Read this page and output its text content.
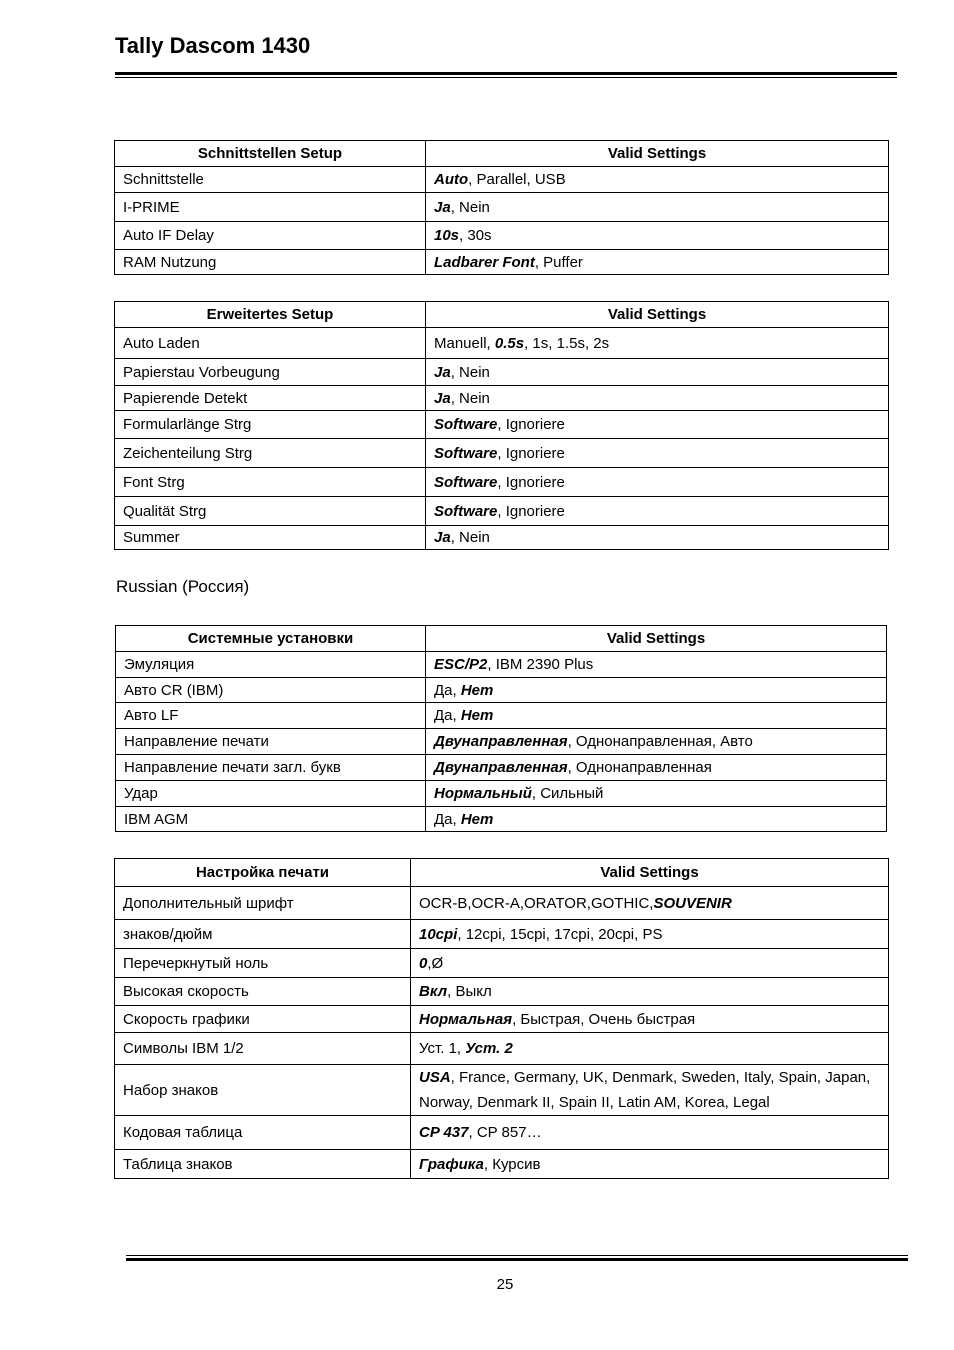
Tally Dascom 1430
Schnittstellen Setup	Valid Settings
Schnittstelle	Auto, Parallel, USB
I-PRIME	Ja, Nein
Auto IF Delay	10s, 30s
RAM Nutzung	Ladbarer Font, Puffer
Erweitertes Setup	Valid Settings
Auto Laden	Manuell, 0.5s, 1s, 1.5s, 2s
Papierstau Vorbeugung	Ja, Nein
Papierende Detekt	Ja, Nein
Formularlänge Strg	Software, Ignoriere
Zeichenteilung Strg	Software, Ignoriere
Font Strg	Software, Ignoriere
Qualität Strg	Software, Ignoriere
Summer	Ja, Nein
Russian (Россия)
Системные установки	Valid Settings
Эмуляция	ESC/P2, IBM 2390 Plus
Авто CR (IBM)	Да, Нет
Авто LF	Да, Нет
Направление печати	Двунаправленная, Однонаправленная, Авто
Направление печати загл. букв	Двунаправленная, Однонаправленная
Удар	Нормальный, Сильный
IBM AGM	Да, Нет
Настройка печати	Valid Settings
Дополнительный шрифт	OCR-B,OCR-A,ORATOR,GOTHIC,SOUVENIR
знаков/дюйм	10cpi, 12cpi, 15cpi, 17cpi, 20cpi, PS
Перечеркнутый ноль	0,Ø
Высокая скорость	Вкл, Выкл
Скорость графики	Нормальная, Быстрая, Очень быстрая
Символы IBM 1/2	Уст. 1, Уст. 2
Набор знаков	USA, France, Germany, UK, Denmark, Sweden, Italy, Spain, Japan, Norway, Denmark II, Spain II, Latin AM, Korea, Legal
Кодовая таблица	CP 437, CP 857…
Таблица знаков	Графика, Курсив
25
